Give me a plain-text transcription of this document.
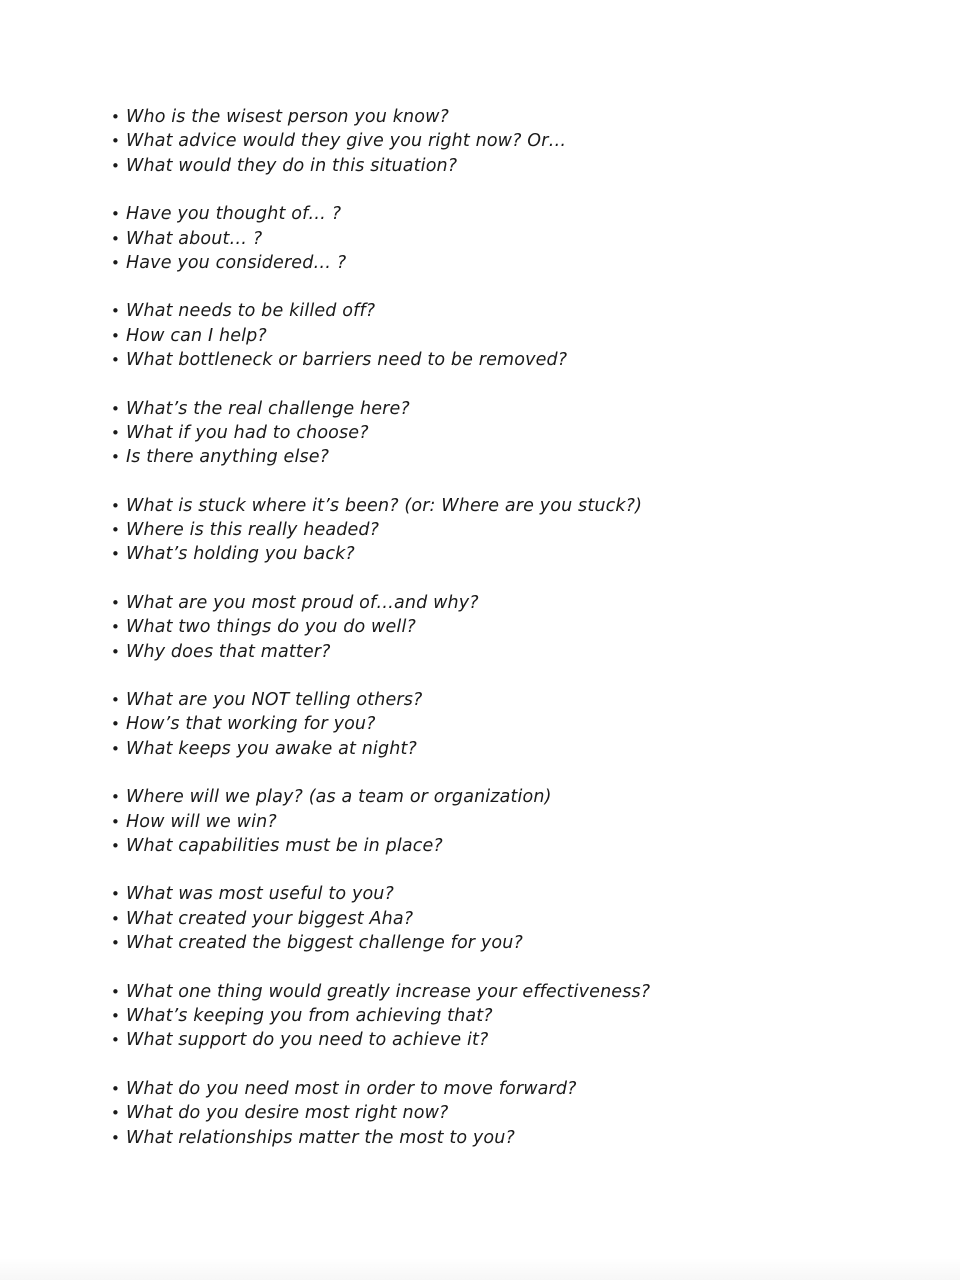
• Who is the wisest person you know?
• What advice would they give you right now? Or…
• What would they do in this situation?
• Have you thought of… ?
• What about… ?
• Have you considered… ?
• What needs to be killed off?
• How can I help?
• What bottleneck or barriers need to be removed?
• What’s the real challenge here?
• What if you had to choose?
• Is there anything else?
• What is stuck where it’s been? (or: Where are you stuck?)
• Where is this really headed?
• What’s holding you back?
• What are you most proud of…and why?
• What two things do you do well?
• Why does that matter?
• What are you NOT telling others?
• How’s that working for you?
• What keeps you awake at night?
• Where will we play? (as a team or organization)
• How will we win?
• What capabilities must be in place?
• What was most useful to you?
• What created your biggest Aha?
• What created the biggest challenge for you?
• What one thing would greatly increase your effectiveness?
• What’s keeping you from achieving that?
• What support do you need to achieve it?
• What do you need most in order to move forward?
• What do you desire most right now?
• What relationships matter the most to you?
